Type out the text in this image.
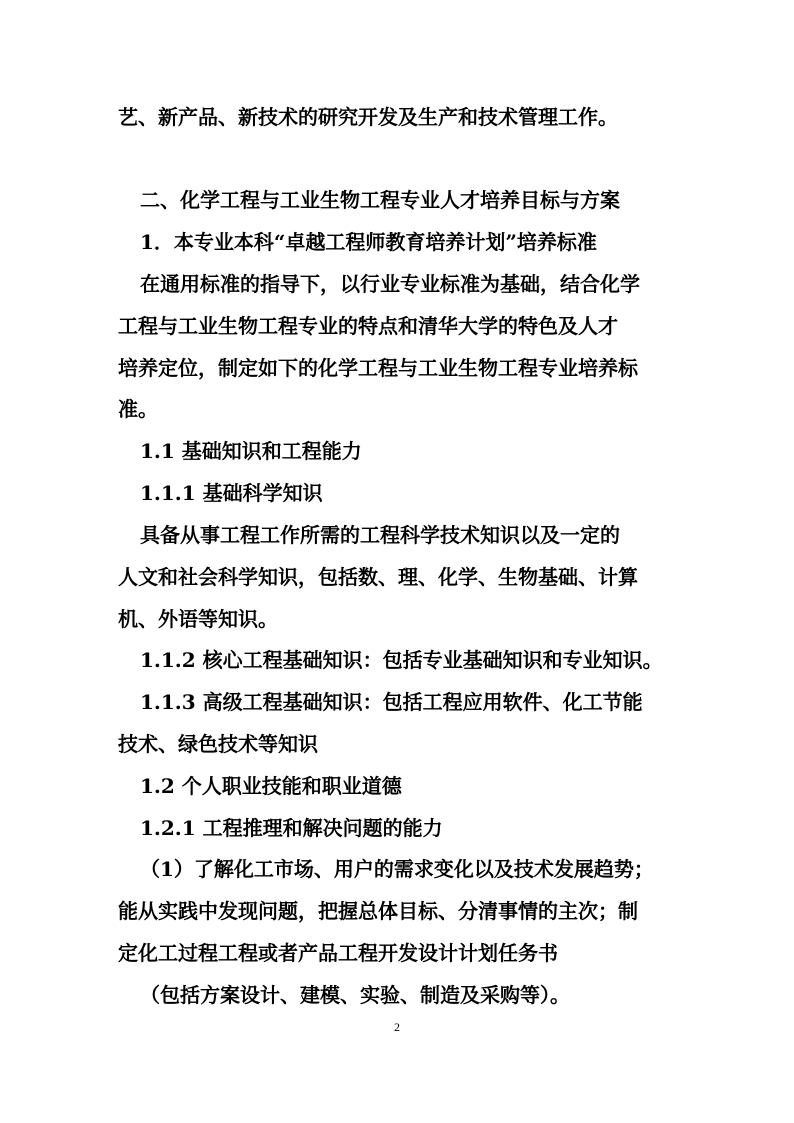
艺、新产品、新技术的研究开发及生产和技术管理工作。
二、化学工程与工业生物工程专业人才培养目标与方案
1．本专业本科“卓越工程师教育培养计划”培养标准
在通用标准的指导下，以行业专业标准为基础，结合化学
工程与工业生物工程专业的特点和清华大学的特色及人才
培养定位，制定如下的化学工程与工业生物工程专业培养标
准。
1.1 基础知识和工程能力
1.1.1 基础科学知识
具备从事工程工作所需的工程科学技术知识以及一定的
人文和社会科学知识，包括数、理、化学、生物基础、计算
机、外语等知识。
1.1.2 核心工程基础知识：包括专业基础知识和专业知识。
1.1.3 高级工程基础知识：包括工程应用软件、化工节能
技术、绿色技术等知识
1.2 个人职业技能和职业道德
1.2.1 工程推理和解决问题的能力
（1）了解化工市场、用户的需求变化以及技术发展趋势；
能从实践中发现问题，把握总体目标、分清事情的主次；制
定化工过程工程或者产品工程开发设计计划任务书
（包括方案设计、建模、实验、制造及采购等）。
2
